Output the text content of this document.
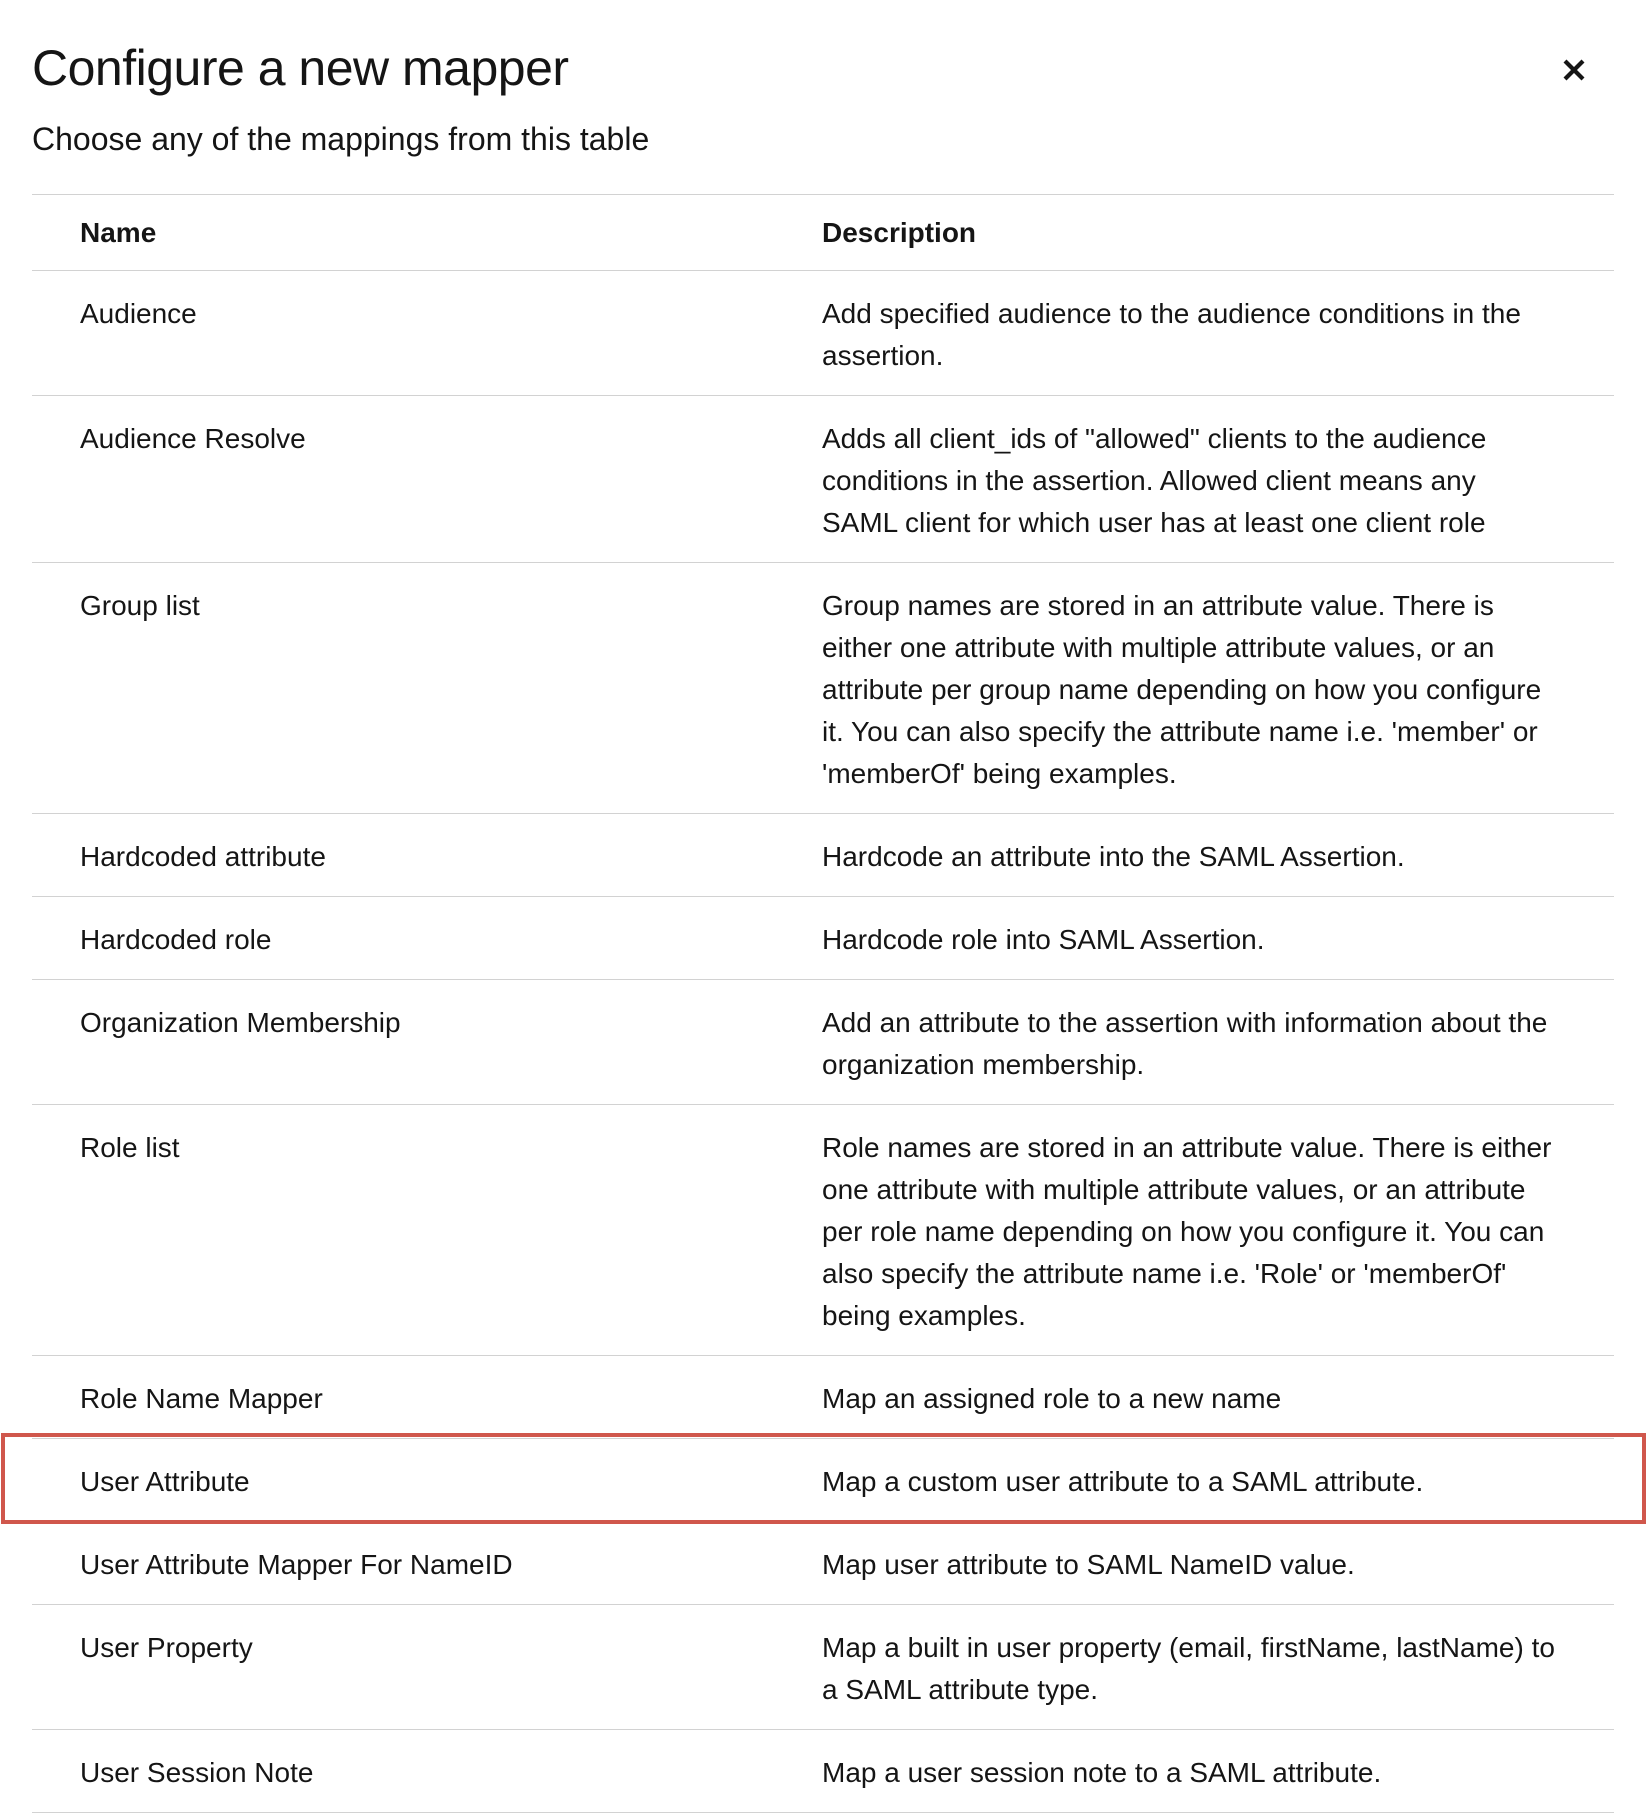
Configure a new mapper

Choose any of the mappings from this table

Name	Description
Audience	Add specified audience to the audience conditions in the assertion.
Audience Resolve	Adds all client_ids of "allowed" clients to the audience conditions in the assertion. Allowed client means any SAML client for which user has at least one client role
Group list	Group names are stored in an attribute value. There is either one attribute with multiple attribute values, or an attribute per group name depending on how you configure it. You can also specify the attribute name i.e. 'member' or 'memberOf' being examples.
Hardcoded attribute	Hardcode an attribute into the SAML Assertion.
Hardcoded role	Hardcode role into SAML Assertion.
Organization Membership	Add an attribute to the assertion with information about the organization membership.
Role list	Role names are stored in an attribute value. There is either one attribute with multiple attribute values, or an attribute per role name depending on how you configure it. You can also specify the attribute name i.e. 'Role' or 'memberOf' being examples.
Role Name Mapper	Map an assigned role to a new name
User Attribute	Map a custom user attribute to a SAML attribute.
User Attribute Mapper For NameID	Map user attribute to SAML NameID value.
User Property	Map a built in user property (email, firstName, lastName) to a SAML attribute type.
User Session Note	Map a user session note to a SAML attribute.
